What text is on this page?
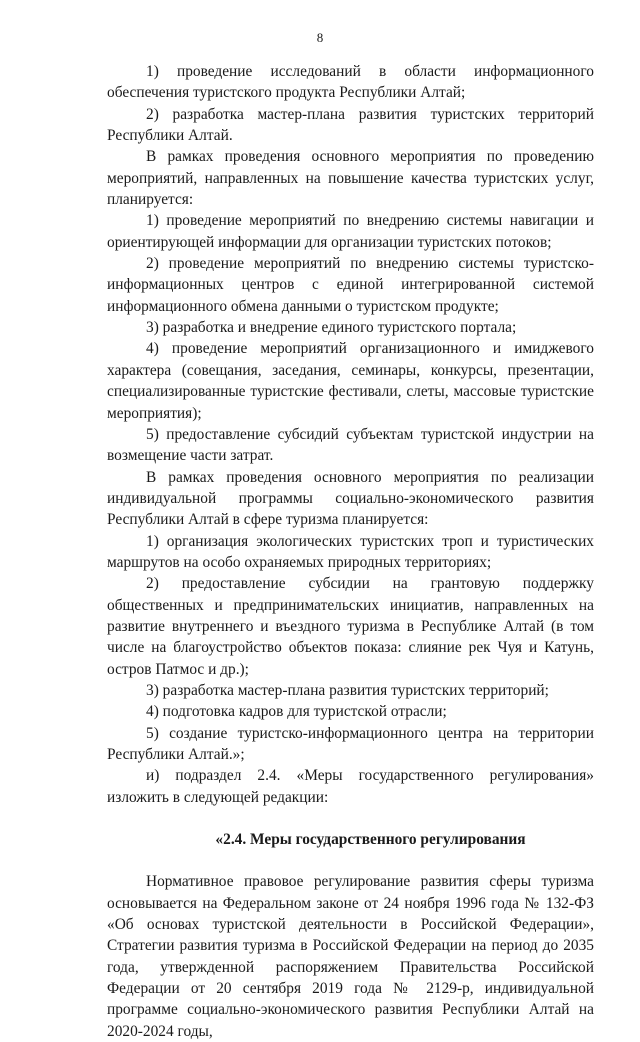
8

1) проведение исследований в области информационного обеспечения туристского продукта Республики Алтай;

2) разработка мастер-плана развития туристских территорий Республики Алтай.

В рамках проведения основного мероприятия по проведению мероприятий, направленных на повышение качества туристских услуг, планируется:

1) проведение мероприятий по внедрению системы навигации и ориентирующей информации для организации туристских потоков;

2) проведение мероприятий по внедрению системы туристско-информационных центров с единой интегрированной системой информационного обмена данными о туристском продукте;

3) разработка и внедрение единого туристского портала;

4) проведение мероприятий организационного и имиджевого характера (совещания, заседания, семинары, конкурсы, презентации, специализированные туристские фестивали, слеты, массовые туристские мероприятия);

5) предоставление субсидий субъектам туристской индустрии на возмещение части затрат.

В рамках проведения основного мероприятия по реализации индивидуальной программы социально-экономического развития Республики Алтай в сфере туризма планируется:

1) организация экологических туристских троп и туристических маршрутов на особо охраняемых природных территориях;

2) предоставление субсидии на грантовую поддержку общественных и предпринимательских инициатив, направленных на развитие внутреннего и въездного туризма в Республике Алтай (в том числе на благоустройство объектов показа: слияние рек Чуя и Катунь, остров Патмос и др.);

3) разработка мастер-плана развития туристских территорий;

4) подготовка кадров для туристской отрасли;

5) создание туристско-информационного центра на территории Республики Алтай.»;

и) подраздел 2.4. «Меры государственного регулирования» изложить в следующей редакции:

«2.4. Меры государственного регулирования

Нормативное правовое регулирование развития сферы туризма основывается на Федеральном законе от 24 ноября 1996 года № 132-ФЗ «Об основах туристской деятельности в Российской Федерации», Стратегии развития туризма в Российской Федерации на период до 2035 года, утвержденной распоряжением Правительства Российской Федерации от 20 сентября 2019 года № 2129-р, индивидуальной программе социально-экономического развития Республики Алтай на 2020-2024 годы,
